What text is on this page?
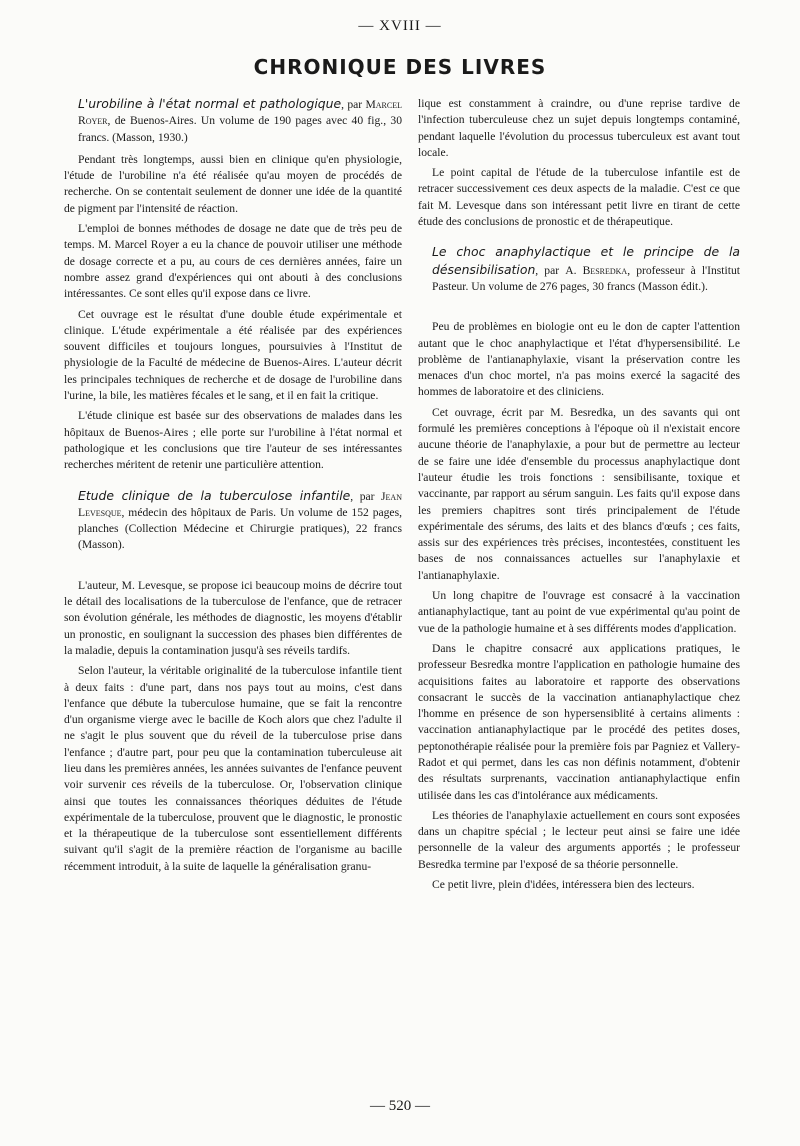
— XVIII —
CHRONIQUE DES LIVRES
L'urobiline à l'état normal et pathologique, par Marcel Royer, de Buenos-Aires. Un volume de 190 pages avec 40 fig., 30 francs. (Masson, 1930.)

Pendant très longtemps, aussi bien en clinique qu'en physiologie, l'étude de l'urobiline n'a été réalisée qu'au moyen de procédés de recherche. On se contentait seulement de donner une idée de la quantité de pigment par l'intensité de réaction.

L'emploi de bonnes méthodes de dosage ne date que de très peu de temps. M. Marcel Royer a eu la chance de pouvoir utiliser une méthode de dosage correcte et a pu, au cours de ces dernières années, faire un nombre assez grand d'expériences qui ont abouti à des conclusions intéressantes. Ce sont elles qu'il expose dans ce livre.

Cet ouvrage est le résultat d'une double étude expérimentale et clinique. L'étude expérimentale a été réalisée par des expériences souvent difficiles et toujours longues, poursuivies à l'Institut de physiologie de la Faculté de médecine de Buenos-Aires. L'auteur décrit les principales techniques de recherche et de dosage de l'urobiline dans l'urine, la bile, les matières fécales et le sang, et il en fait la critique.

L'étude clinique est basée sur des observations de malades dans les hôpitaux de Buenos-Aires ; elle porte sur l'urobiline à l'état normal et pathologique et les conclusions que tire l'auteur de ses intéressantes recherches méritent de retenir une particulière attention.

Etude clinique de la tuberculose infantile, par Jean Levesque, médecin des hôpitaux de Paris. Un volume de 152 pages, planches (Collection Médecine et Chirurgie pratiques), 22 francs (Masson).

L'auteur, M. Levesque, se propose ici beaucoup moins de décrire tout le détail des localisations de la tuberculose de l'enfance, que de retracer son évolution générale, les méthodes de diagnostic, les moyens d'établir un pronostic, en soulignant la succession des phases bien différentes de la maladie, depuis la contamination jusqu'à ses réveils tardifs.

Selon l'auteur, la véritable originalité de la tuberculose infantile tient à deux faits : d'une part, dans nos pays tout au moins, c'est dans l'enfance que débute la tuberculose humaine, que se fait la rencontre d'un organisme vierge avec le bacille de Koch alors que chez l'adulte il ne s'agit le plus souvent que du réveil de la tuberculose prise dans l'enfance ; d'autre part, pour peu que la contamination tuberculeuse ait lieu dans les premières années, les années suivantes de l'enfance peuvent voir survenir ces réveils de la tuberculose. Or, l'observation clinique ainsi que toutes les connaissances théoriques déduites de l'étude expérimentale de la tuberculose, prouvent que le diagnostic, le pronostic et la thérapeutique de la tuberculose sont essentiellement différents suivant qu'il s'agit de la première réaction de l'organisme au bacille récemment introduit, à la suite de laquelle la généralisation granu-

lique est constamment à craindre, ou d'une reprise tardive de l'infection tuberculeuse chez un sujet depuis longtemps contaminé, pendant laquelle l'évolution du processus tuberculeux est avant tout locale.

Le point capital de l'étude de la tuberculose infantile est de retracer successivement ces deux aspects de la maladie. C'est ce que fait M. Levesque dans son intéressant petit livre en tirant de cette étude des conclusions de pronostic et de thérapeutique.

Le choc anaphylactique et le principe de la désensibilisation, par A. Besredka, professeur à l'Institut Pasteur. Un volume de 276 pages, 30 francs (Masson édit.).

Peu de problèmes en biologie ont eu le don de capter l'attention autant que le choc anaphylactique et l'état d'hypersensibilité. Le problème de l'antianaphylaxie, visant la préservation contre les menaces d'un choc mortel, n'a pas moins exercé la sagacité des hommes de laboratoire et des cliniciens.

Cet ouvrage, écrit par M. Besredka, un des savants qui ont formulé les premières conceptions à l'époque où il n'existait encore aucune théorie de l'anaphylaxie, a pour but de permettre au lecteur de se faire une idée d'ensemble du processus anaphylactique dont l'auteur étudie les trois fonctions : sensibilisante, toxique et vaccinante, par rapport au sérum sanguin. Les faits qu'il expose dans les premiers chapitres sont tirés principalement de l'étude expérimentale des sérums, des laits et des blancs d'œufs ; ces faits, assis sur des expériences très précises, incontestées, constituent les bases de nos connaissances actuelles sur l'anaphylaxie et l'antianaphylaxie.

Un long chapitre de l'ouvrage est consacré à la vaccination antianaphylactique, tant au point de vue expérimental qu'au point de vue de la pathologie humaine et à ses différents modes d'application.

Dans le chapitre consacré aux applications pratiques, le professeur Besredka montre l'application en pathologie humaine des acquisitions faites au laboratoire et rapporte des observations consacrant le succès de la vaccination antianaphylactique chez l'homme en présence de son hypersensiblité à certains aliments : vaccination antianaphylactique par le procédé des petites doses, peptonothérapie réalisée pour la première fois par Pagniez et Vallery-Radot et qui permet, dans les cas non définis notamment, d'obtenir des résultats surprenants, vaccination antianaphylactique enfin utilisée dans les cas d'intolérance aux médicaments.

Les théories de l'anaphylaxie actuellement en cours sont exposées dans un chapitre spécial ; le lecteur peut ainsi se faire une idée personnelle de la valeur des arguments apportés ; le professeur Besredka termine par l'exposé de sa théorie personnelle.

Ce petit livre, plein d'idées, intéressera bien des lecteurs.

— 520 —
